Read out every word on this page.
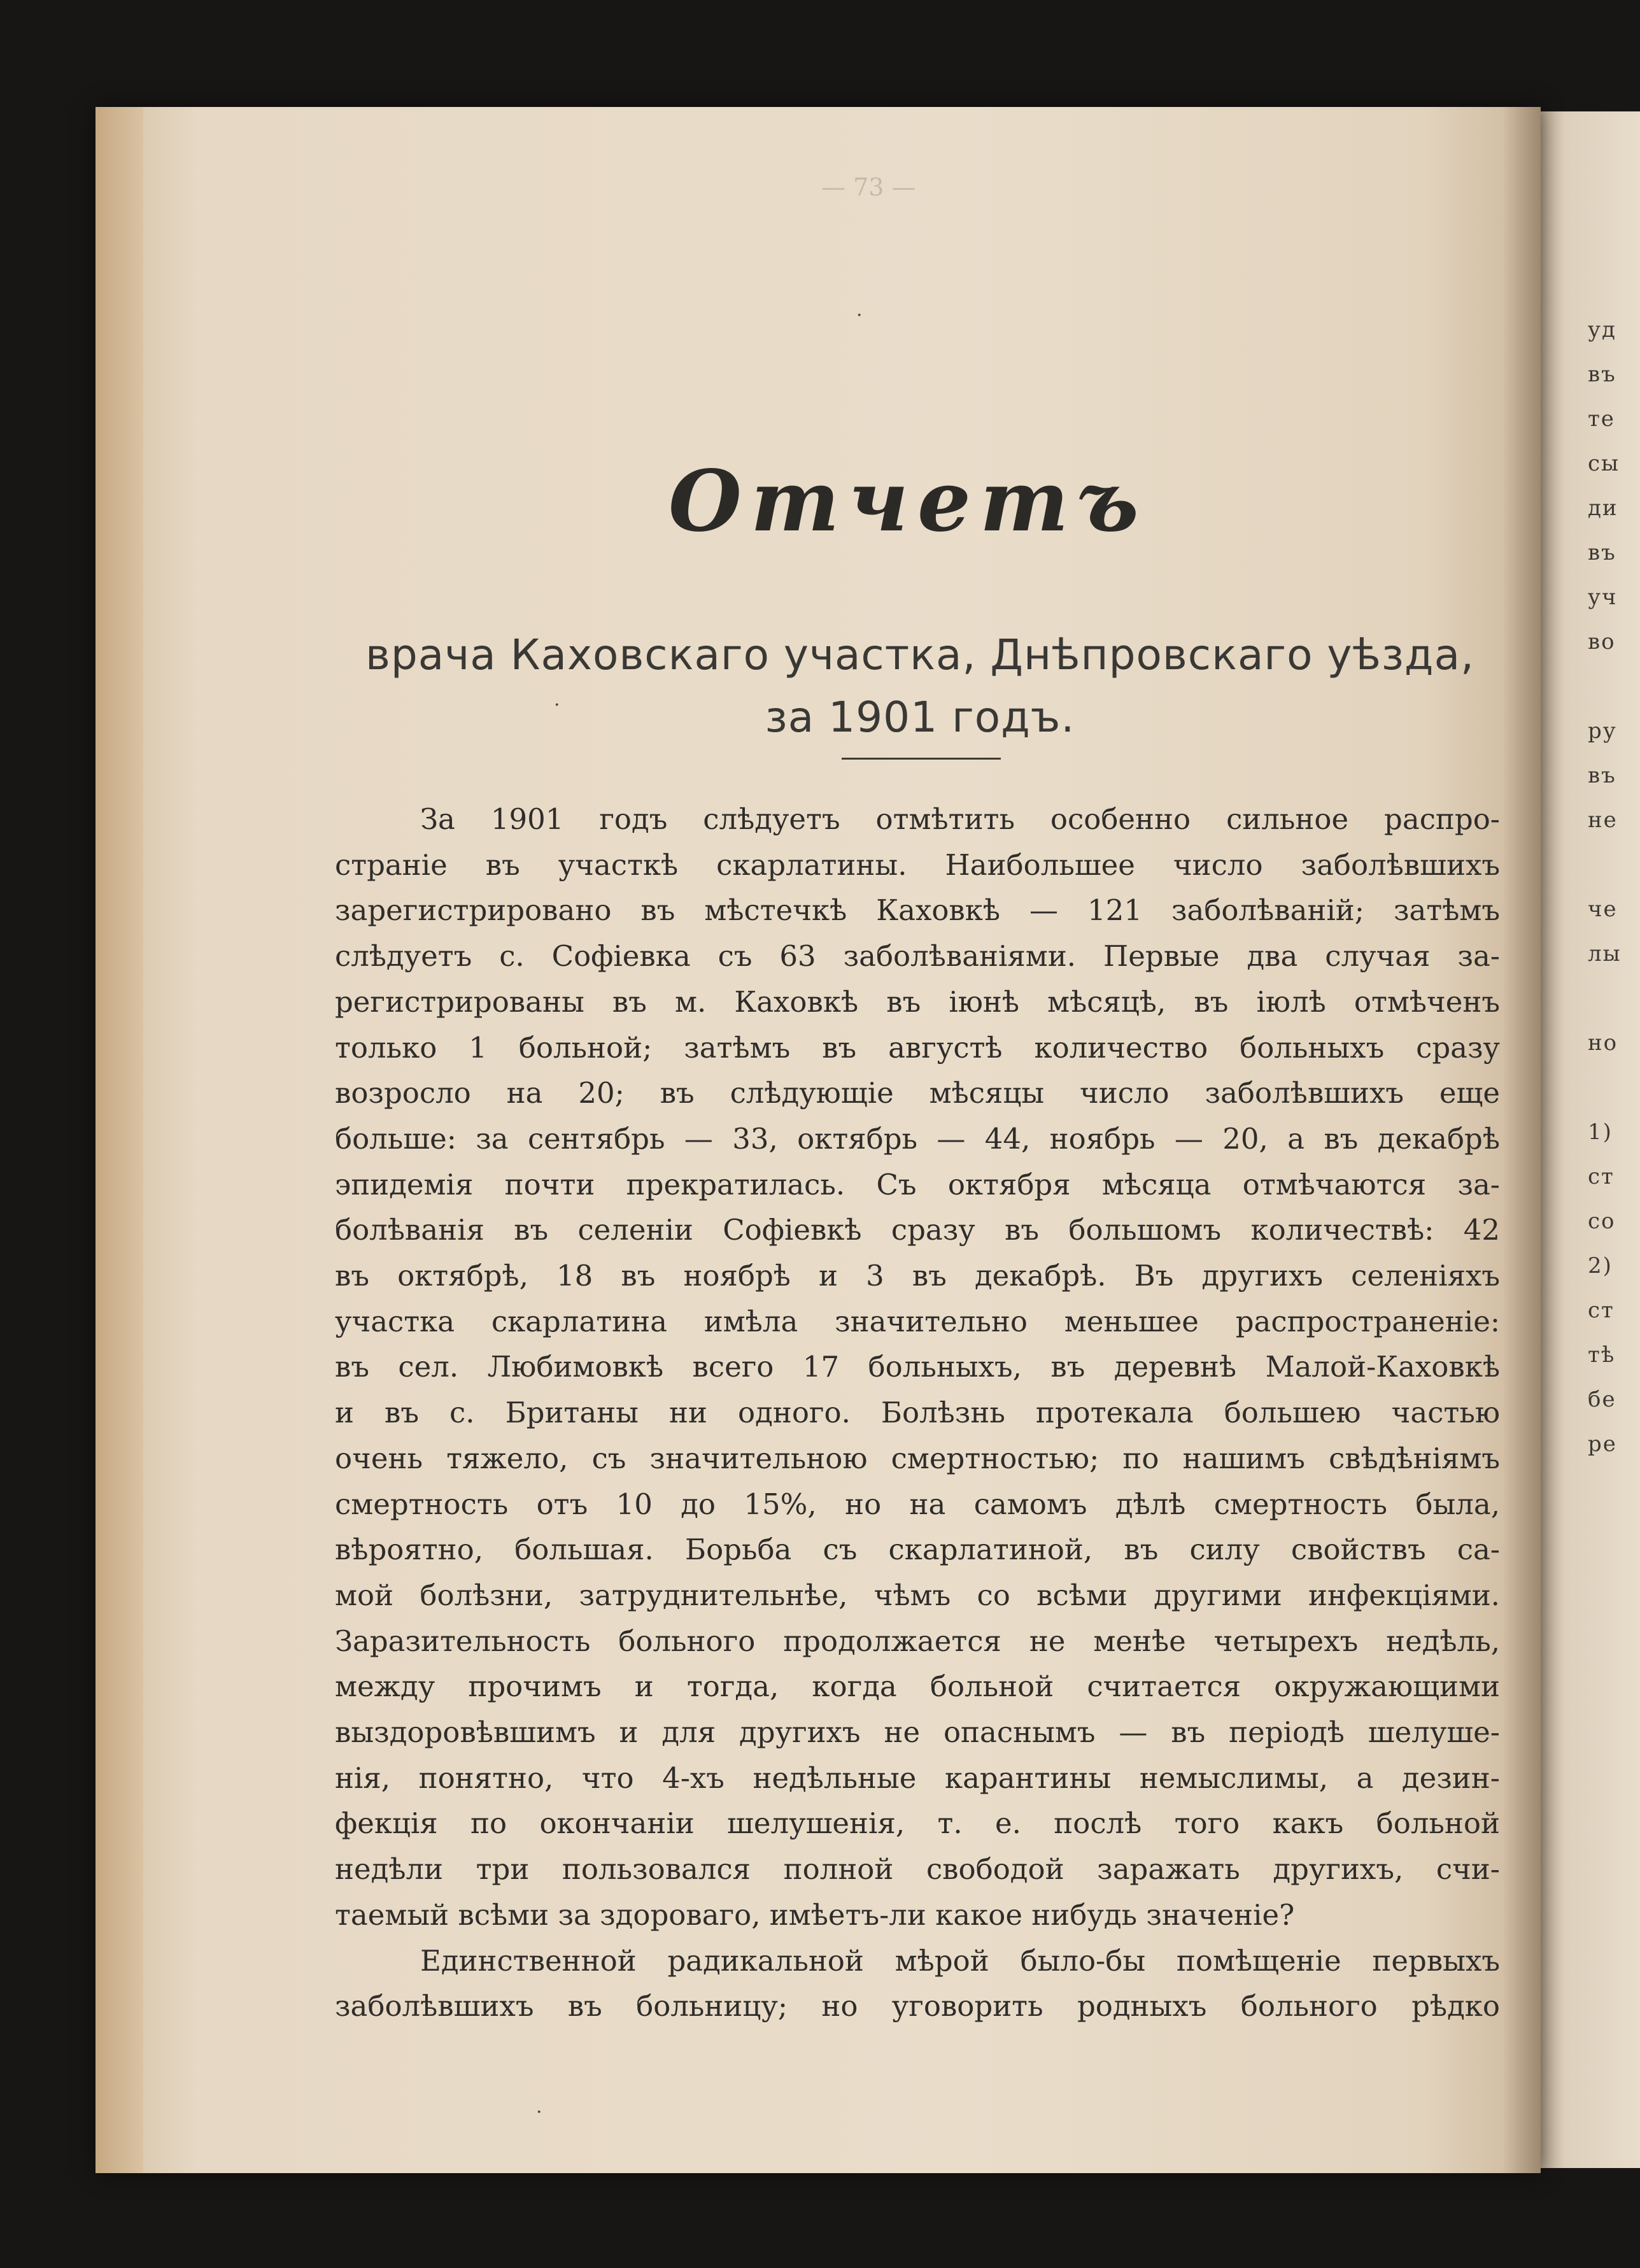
уд
въ
те
сы
ди
въ
уч
во
ру
въ
не
че
лы
но
1)
ст
со
2)
ст
тѣ
бе
ре
— 73 —
·
·
·
Отчетъ
врача Каховскаго участка, Днѣпровскаго уѣзда,
за 1901 годъ.
За 1901 годъ слѣдуетъ отмѣтить особенно сильное распро-
страніе въ участкѣ скарлатины. Наибольшее число заболѣвшихъ
зарегистрировано въ мѣстечкѣ Каховкѣ — 121 заболѣваній; затѣмъ
слѣдуетъ с. Софіевка съ 63 заболѣваніями. Первые два случая за-
регистрированы въ м. Каховкѣ въ іюнѣ мѣсяцѣ, въ іюлѣ отмѣченъ
только 1 больной; затѣмъ въ августѣ количество больныхъ сразу
возросло на 20; въ слѣдующіе мѣсяцы число заболѣвшихъ еще
больше: за сентябрь — 33, октябрь — 44, ноябрь — 20, а въ декабрѣ
эпидемія почти прекратилась. Съ октября мѣсяца отмѣчаются за-
болѣванія въ селеніи Софіевкѣ сразу въ большомъ количествѣ: 42
въ октябрѣ, 18 въ ноябрѣ и 3 въ декабрѣ. Въ другихъ селеніяхъ
участка скарлатина имѣла значительно меньшее распространеніе:
въ сел. Любимовкѣ всего 17 больныхъ, въ деревнѣ Малой-Каховкѣ
и въ с. Британы ни одного. Болѣзнь протекала большею частью
очень тяжело, съ значительною смертностью; по нашимъ свѣдѣніямъ
смертность отъ 10 до 15%, но на самомъ дѣлѣ смертность была,
вѣроятно, большая. Борьба съ скарлатиной, въ силу свойствъ са-
мой болѣзни, затруднительнѣе, чѣмъ со всѣми другими инфекціями.
Заразительность больного продолжается не менѣе четырехъ недѣль,
между прочимъ и тогда, когда больной считается окружающими
выздоровѣвшимъ и для другихъ не опаснымъ — въ періодѣ шелуше-
нія, понятно, что 4-хъ недѣльные карантины немыслимы, а дезин-
фекція по окончаніи шелушенія, т. е. послѣ того какъ больной
недѣли три пользовался полной свободой заражать другихъ, счи-
таемый всѣми за здороваго, имѣетъ-ли какое нибудь значеніе?
Единственной радикальной мѣрой было-бы помѣщеніе первыхъ
заболѣвшихъ въ больницу; но уговорить родныхъ больного рѣдко
